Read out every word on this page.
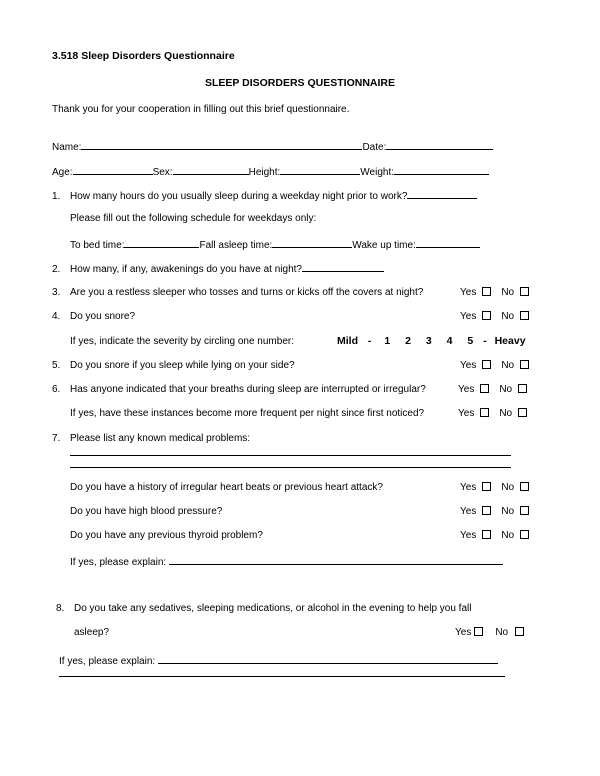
3.518 Sleep Disorders Questionnaire
SLEEP DISORDERS QUESTIONNAIRE
Thank you for your cooperation in filling out this brief questionnaire.
Name:	Date:
Age:	Sex:	Height:	Weight:
1. How many hours do you usually sleep during a weekday night prior to work?
Please fill out the following schedule for weekdays only:
To bed time:	Fall asleep time:	Wake up time:
2. How many, if any, awakenings do you have at night?
3. Are you a restless sleeper who tosses and turns or kicks off the covers at night?	Yes	No
4. Do you snore?	Yes	No
If yes, indicate the severity by circling one number:	Mild - 1 2 3 4 5 - Heavy
5. Do you snore if you sleep while lying on your side?	Yes	No
6. Has anyone indicated that your breaths during sleep are interrupted or irregular?	Yes	No
If yes, have these instances become more frequent per night since first noticed?	Yes	No
7. Please list any known medical problems:
Do you have a history of irregular heart beats or previous heart attack?	Yes	No
Do you have high blood pressure?	Yes	No
Do you have any previous thyroid problem?	Yes	No
If yes, please explain:
8. Do you take any sedatives, sleeping medications, or alcohol in the evening to help you fall
asleep?	Yes No
If yes, please explain:
